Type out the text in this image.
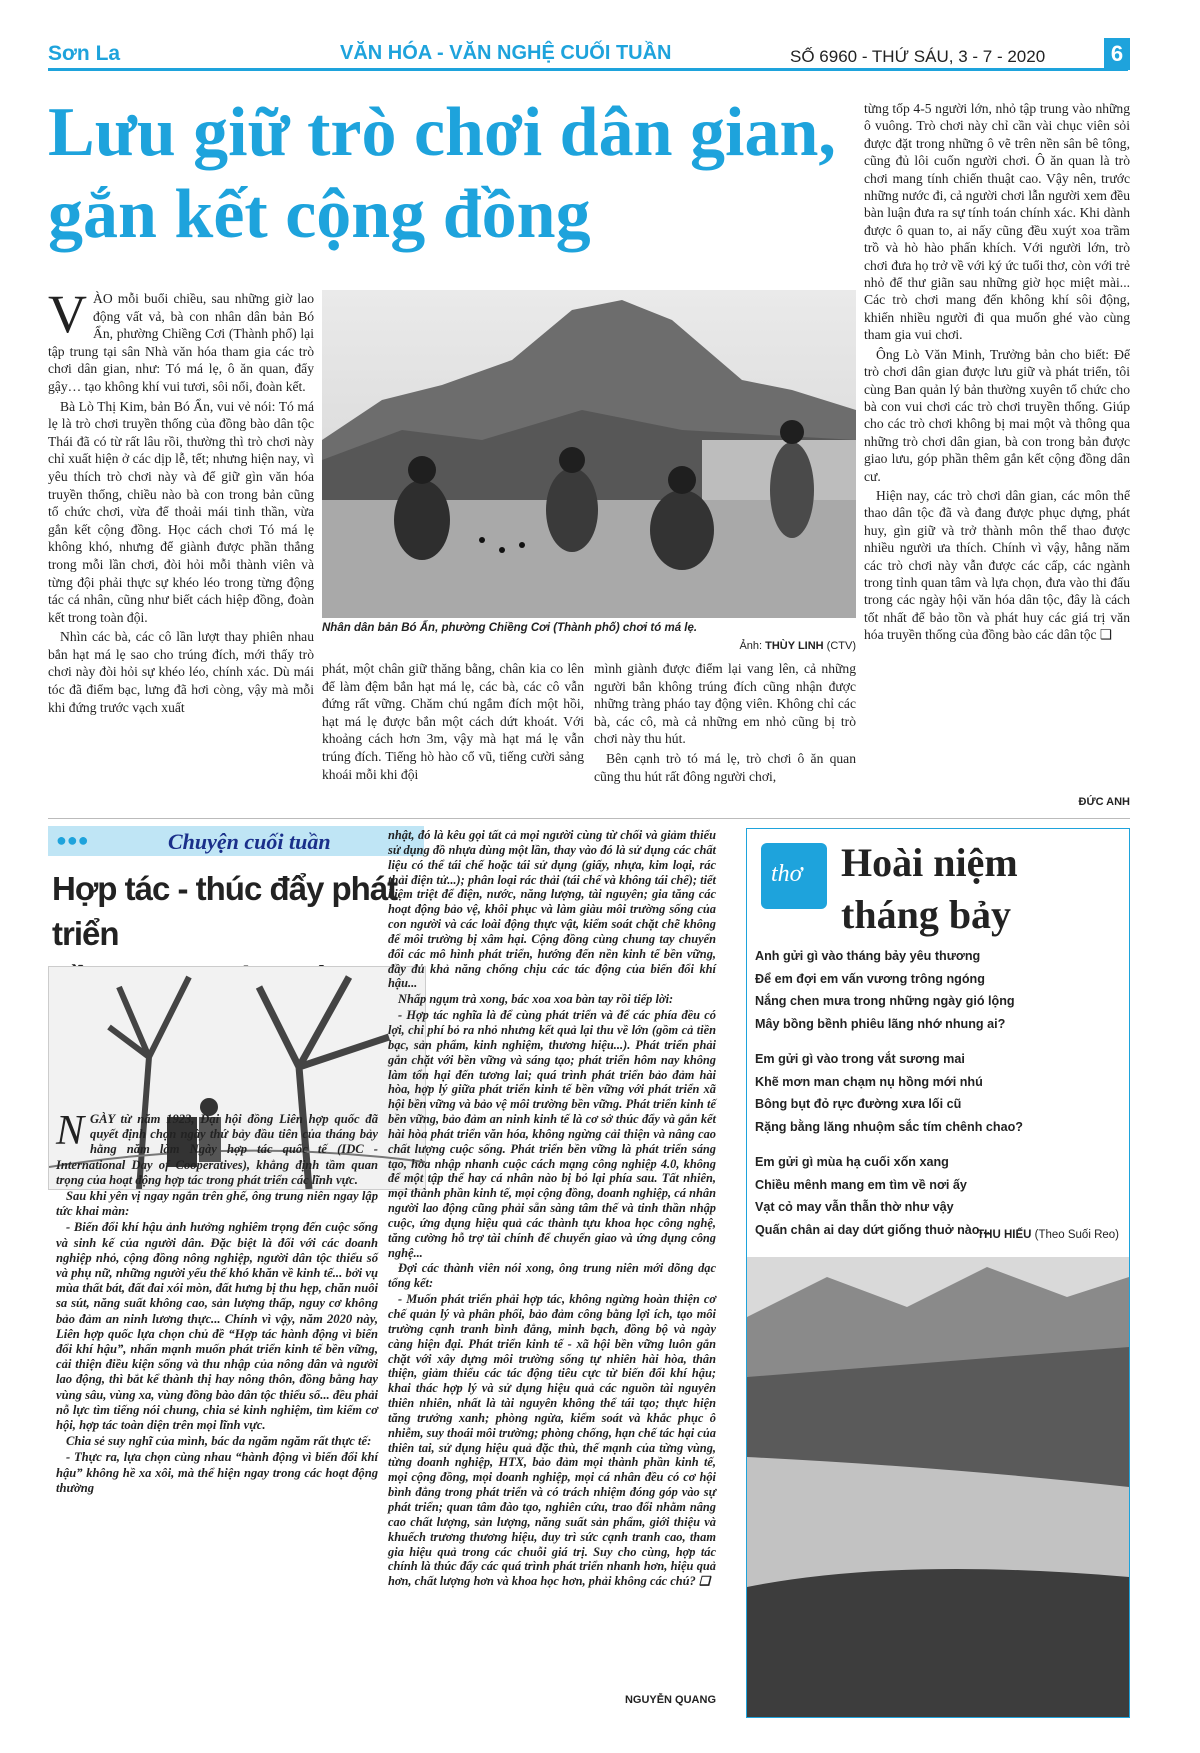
Sơn La	VĂN HÓA - VĂN NGHỆ CUỐI TUẦN	SỐ 6960 - THỨ SÁU, 3 - 7 - 2020	6
Lưu giữ trò chơi dân gian,
gắn kết cộng đồng

VÀO mỗi buổi chiều, sau những giờ lao động vất vả, bà con nhân dân bản Bó Ẩn, phường Chiềng Cơi (Thành phố) lại tập trung tại sân Nhà văn hóa tham gia các trò chơi dân gian, như: Tó má lẹ, ô ăn quan, đẩy gậy… tạo không khí vui tươi, sôi nổi, đoàn kết.

Bà Lò Thị Kim, bản Bó Ẩn, vui vẻ nói: Tó má lẹ là trò chơi truyền thống của đồng bào dân tộc Thái đã có từ rất lâu rồi, thường thì trò chơi này chỉ xuất hiện ở các dịp lễ, tết; nhưng hiện nay, vì yêu thích trò chơi này và để giữ gìn văn hóa truyền thống, chiều nào bà con trong bản cũng tổ chức chơi, vừa để thoải mái tinh thần, vừa gắn kết cộng đồng. Học cách chơi Tó má lẹ không khó, nhưng để giành được phần thắng trong mỗi lần chơi, đòi hỏi mỗi thành viên và từng đội phải thực sự khéo léo trong từng động tác cá nhân, cũng như biết cách hiệp đồng, đoàn kết trong toàn đội.

Nhìn các bà, các cô lần lượt thay phiên nhau bắn hạt má lẹ sao cho trúng đích, mới thấy trò chơi này đòi hỏi sự khéo léo, chính xác. Dù mái tóc đã điểm bạc, lưng đã hơi còng, vậy mà mỗi khi đứng trước vạch xuất

Nhân dân bản Bó Ẩn, phường Chiềng Cơi (Thành phố) chơi tó má lẹ.
Ảnh: THÙY LINH (CTV)

phát, một chân giữ thăng bằng, chân kia co lên để làm đệm bắn hạt má lẹ, các bà, các cô vẫn đứng rất vững. Chăm chú ngắm đích một hồi, hạt má lẹ được bắn một cách dứt khoát. Với khoảng cách hơn 3m, vậy mà hạt má lẹ vẫn trúng đích. Tiếng hò hào cổ vũ, tiếng cười sảng khoái mỗi khi đội

mình giành được điểm lại vang lên, cả những người bắn không trúng đích cũng nhận được những tràng pháo tay động viên. Không chỉ các bà, các cô, mà cả những em nhỏ cũng bị trò chơi này thu hút.

Bên cạnh trò tó má lẹ, trò chơi ô ăn quan cũng thu hút rất đông người chơi,

từng tốp 4-5 người lớn, nhỏ tập trung vào những ô vuông. Trò chơi này chỉ cần vài chục viên sỏi được đặt trong những ô vẽ trên nền sân bê tông, cũng đủ lôi cuốn người chơi. Ô ăn quan là trò chơi mang tính chiến thuật cao. Vậy nên, trước những nước đi, cả người chơi lẫn người xem đều bàn luận đưa ra sự tính toán chính xác. Khi dành được ô quan to, ai nấy cũng đều xuýt xoa trầm trồ và hò hào phấn khích. Với người lớn, trò chơi đưa họ trở về với ký ức tuổi thơ, còn với trẻ nhỏ để thư giãn sau những giờ học miệt mài... Các trò chơi mang đến không khí sôi động, khiến nhiều người đi qua muốn ghé vào cùng tham gia vui chơi.

Ông Lò Văn Minh, Trưởng bản cho biết: Để trò chơi dân gian được lưu giữ và phát triển, tôi cùng Ban quản lý bản thường xuyên tổ chức cho bà con vui chơi các trò chơi truyền thống. Giúp cho các trò chơi không bị mai một và thông qua những trò chơi dân gian, bà con trong bản được giao lưu, góp phần thêm gắn kết cộng đồng dân cư.

Hiện nay, các trò chơi dân gian, các môn thể thao dân tộc đã và đang được phục dựng, phát huy, gìn giữ và trở thành môn thể thao được nhiều người ưa thích. Chính vì vậy, hằng năm các trò chơi này vẫn được các cấp, các ngành trong tỉnh quan tâm và lựa chọn, đưa vào thi đấu trong các ngày hội văn hóa dân tộc, đây là cách tốt nhất để bảo tồn và phát huy các giá trị văn hóa truyền thống của đồng bào các dân tộc ❑

ĐỨC ANH
●●●	Chuyện cuối tuần
Hợp tác - thúc đẩy phát triển

NGÀY từ năm 1923, Đại hội đồng Liên hợp quốc đã quyết định chọn ngày thứ bảy đầu tiên của tháng bảy hằng năm làm Ngày hợp tác quốc tế (IDC -International Day of Cooperatives), khẳng định tầm quan trọng của hoạt động hợp tác trong phát triển các lĩnh vực.

Sau khi yên vị ngay ngắn trên ghế, ông trung niên ngay lập tức khai màn:

- Biến đổi khí hậu ảnh hưởng nghiêm trọng đến cuộc sống và sinh kế của người dân. Đặc biệt là đối với các doanh nghiệp nhỏ, cộng đồng nông nghiệp, người dân tộc thiểu số và phụ nữ, những người yếu thế khó khăn về kinh tế... bởi vụ mùa thất bát, đất đai xói mòn, đất hưng bị thu hẹp, chăn nuôi sa sút, năng suất không cao, sản lượng thấp, nguy cơ không bảo đảm an ninh lương thực... Chính vì vậy, năm 2020 này, Liên hợp quốc lựa chọn chủ đề “Hợp tác hành động vì biến đổi khí hậu”, nhấn mạnh muốn phát triển kinh tế bền vững, cải thiện điều kiện sống và thu nhập của nông dân và người lao động, thì bắt kể thành thị hay nông thôn, đồng bằng hay vùng sâu, vùng xa, vùng đồng bào dân tộc thiểu số... đều phải nỗ lực tìm tiếng nói chung, chia sẻ kinh nghiệm, tìm kiếm cơ hội, hợp tác toàn diện trên mọi lĩnh vực.

Chia sẻ suy nghĩ của mình, bác da ngăm ngăm rất thực tế:

- Thực ra, lựa chọn cùng nhau “hành động vì biến đổi khí hậu” không hề xa xôi, mà thể hiện ngay trong các hoạt động thường

nhật, đó là kêu gọi tất cả mọi người cùng từ chối và giảm thiểu sử dụng đồ nhựa dùng một lần, thay vào đó là sử dụng các chất liệu có thể tái chế hoặc tái sử dụng (giấy, nhựa, kim loại, rác thải điện tử...); phân loại rác thải (tái chế và không tái chế); tiết kiệm triệt để điện, nước, năng lượng, tài nguyên; gia tăng các hoạt động bảo vệ, khôi phục và làm giàu môi trường sống của con người và các loài động thực vật, kiểm soát chặt chẽ không để môi trường bị xâm hại. Cộng đồng cùng chung tay chuyển đổi các mô hình phát triển, hướng đến nền kinh tế bền vững, đầy đủ khả năng chống chịu các tác động của biến đổi khí hậu...

Nhấp ngụm trà xong, bác xoa xoa bàn tay rồi tiếp lời:

- Hợp tác nghĩa là để cùng phát triển và để các phía đều có lợi, chi phí bỏ ra nhỏ nhưng kết quả lại thu về lớn (gồm cả tiền bạc, sản phẩm, kinh nghiệm, thương hiệu...). Phát triển phải gắn chặt với bền vững và sáng tạo; phát triển hôm nay không làm tổn hại đến tương lai; quá trình phát triển bảo đảm hài hòa, hợp lý giữa phát triển kinh tế bền vững với phát triển xã hội bền vững và bảo vệ môi trường bền vững. Phát triển kinh tế bền vững, bảo đảm an ninh kinh tế là cơ sở thúc đẩy và gắn kết hài hòa phát triển văn hóa, không ngừng cải thiện và nâng cao chất lượng cuộc sống. Phát triển bền vững là phát triển sáng tạo, hòa nhập nhanh cuộc cách mạng công nghiệp 4.0, không để một tập thể hay cá nhân nào bị bỏ lại phía sau. Tất nhiên, mọi thành phần kinh tế, mọi cộng đồng, doanh nghiệp, cá nhân người lao động cũng phải sẵn sàng tâm thế và tinh thần nhập cuộc, ứng dụng hiệu quả các thành tựu khoa học công nghệ, tăng cường hỗ trợ tài chính để chuyển giao và ứng dụng công nghệ...

Đợi các thành viên nói xong, ông trung niên mới dõng dạc tổng kết:

- Muốn phát triển phải hợp tác, không ngừng hoàn thiện cơ chế quản lý và phân phối, bảo đảm công bằng lợi ích, tạo môi trường cạnh tranh bình đẳng, minh bạch, đồng bộ và ngày càng hiện đại. Phát triển kinh tế - xã hội bền vững luôn gắn chặt với xây dựng môi trường sống tự nhiên hài hòa, thân thiện, giảm thiểu các tác động tiêu cực từ biến đổi khí hậu; khai thác hợp lý và sử dụng hiệu quả các nguồn tài nguyên thiên nhiên, nhất là tài nguyên không thể tái tạo; thực hiện tăng trưởng xanh; phòng ngừa, kiểm soát và khắc phục ô nhiễm, suy thoái môi trường; phòng chống, hạn chế tác hại của thiên tai, sử dụng hiệu quả đặc thù, thế mạnh của từng vùng, từng doanh nghiệp, HTX, bảo đảm mọi thành phần kinh tế, mọi cộng đồng, mọi doanh nghiệp, mọi cá nhân đều có cơ hội bình đẳng trong phát triển và có trách nhiệm đóng góp vào sự phát triển; quan tâm đào tạo, nghiên cứu, trao đổi nhằm nâng cao chất lượng, sản lượng, năng suất sản phẩm, giới thiệu và khuếch trương thương hiệu, duy trì sức cạnh tranh cao, tham gia hiệu quả trong các chuỗi giá trị. Suy cho cùng, hợp tác chính là thúc đẩy các quá trình phát triển nhanh hơn, hiệu quả hơn, chất lượng hơn và khoa học hơn, phải không các chú? ❑

NGUYỄN QUANG
thơ Hoài niệm
tháng bảy

Anh gửi gì vào tháng bảy yêu thương

Để em đợi em vấn vương trông ngóng

Nắng chen mưa trong những ngày gió lộng

Mây bồng bềnh phiêu lãng nhớ nhung ai?

Em gửi gì vào trong vắt sương mai

Khẽ mơn man chạm nụ hồng mới nhú

Bông bụt đỏ rực đường xưa lối cũ

Rặng bằng lăng nhuộm sắc tím chênh chao?

Em gửi gì mùa hạ cuối xốn xang

Chiều mênh mang em tìm về nơi ấy

Vạt cỏ may vẫn thẫn thờ như vậy

Quấn chân ai day dứt giống thuở nào...

THU HIẾU (Theo Suối Reo)
